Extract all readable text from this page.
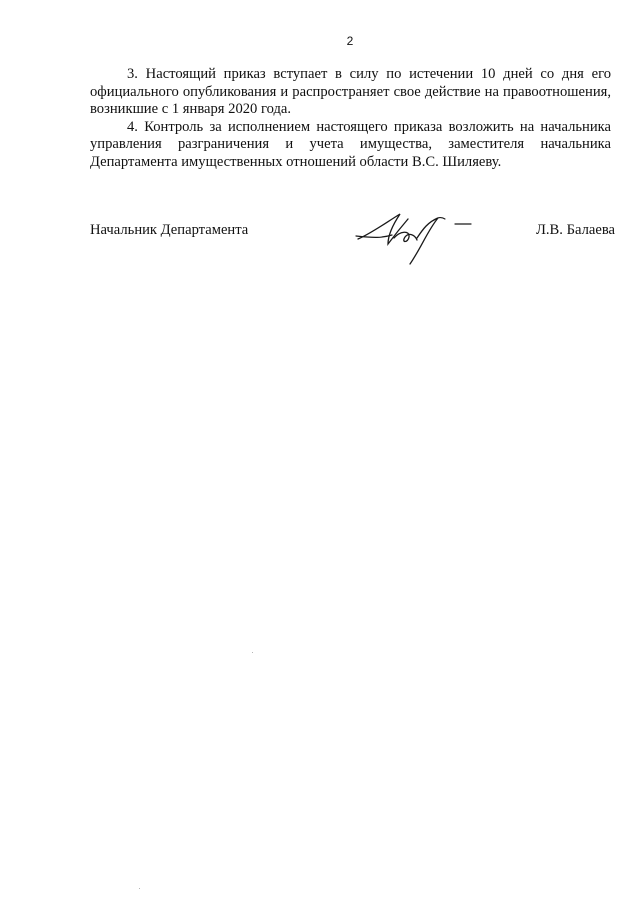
2

3. Настоящий приказ вступает в силу по истечении 10 дней со дня его официального опубликования и распространяет свое действие на правоотношения, возникшие с 1 января 2020 года.

4. Контроль за исполнением настоящего приказа возложить на начальника управления разграничения и учета имущества, заместителя начальника Департамента имущественных отношений области В.С. Шиляеву.

Начальник Департамента	Л.В. Балаева
